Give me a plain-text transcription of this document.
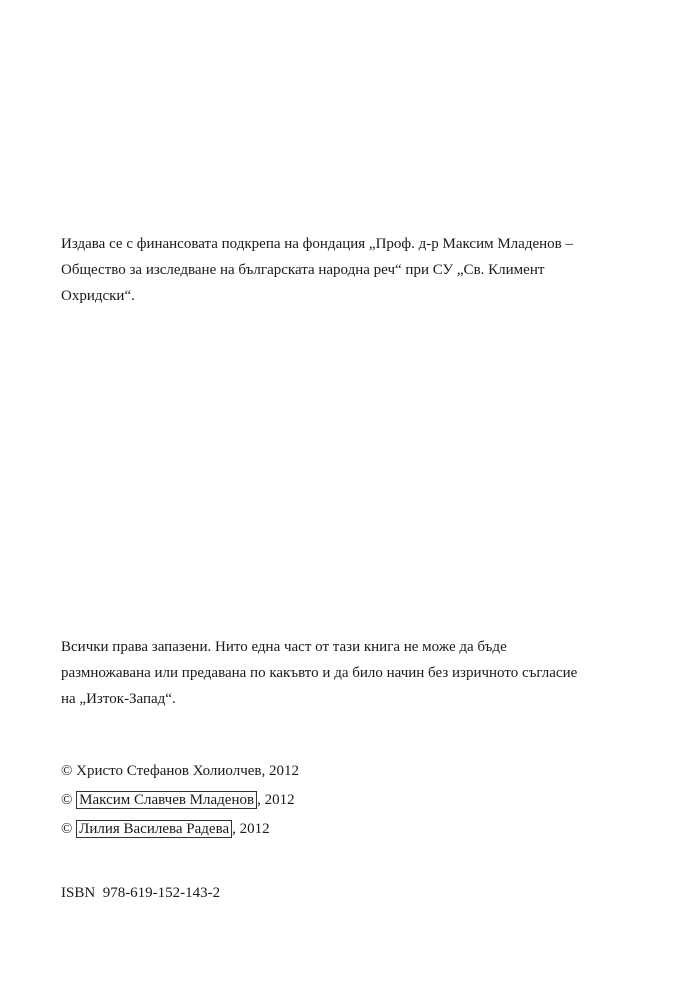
Издава се с финансовата подкрепа на фондация „Проф. д-р Максим Младенов –

Общество за изследване на българската народна реч“ при СУ „Св. Климент

Охридски“.

Всички права запазени. Нито една част от тази книга не може да бъде

размножавана или предавана по какъвто и да било начин без изричното съгласие

на „Изток-Запад“.

© Христо Стефанов Холиолчев, 2012

© Максим Славчев Младенов , 2012

© Лилия Василева Радева , 2012

ISBN 978-619-152-143-2
